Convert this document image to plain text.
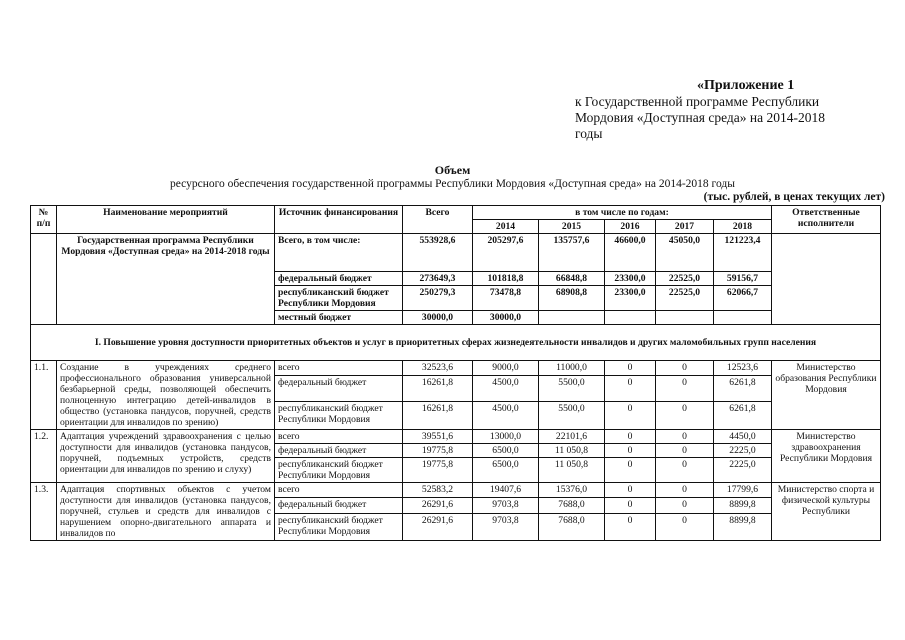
«Приложение 1
к Государственной программе Республики
Мордовия «Доступная среда» на 2014-2018
годы
Объем
ресурсного обеспечения государственной программы Республики Мордовия «Доступная среда» на 2014-2018 годы
(тыс. рублей, в ценах текущих лет)
№ п/п	Наименование мероприятий	Источник финансирования	Всего	в том числе по годам:					Ответственные исполнители
				2014	2015	2016	2017	2018	
	Государственная программа Республики Мордовия «Доступная среда» на 2014-2018 годы	Всего, в том числе:	553928,6	205297,6	135757,6	46600,0	45050,0	121223,4	
		федеральный бюджет	273649,3	101818,8	66848,8	23300,0	22525,0	59156,7	
		республиканский бюджет Республики Мордовия	250279,3	73478,8	68908,8	23300,0	22525,0	62066,7	
		местный бюджет	30000,0	30000,0					
I. Повышение уровня доступности приоритетных объектов и услуг в приоритетных сферах жизнедеятельности инвалидов и других маломобильных групп населения									
1.1.	Создание в учреждениях среднего профессионального образования универсальной безбарьерной среды, позволяющей обеспечить полноценную интеграцию детей-инвалидов в общество (установка пандусов, поручней, средств ориентации для инвалидов по зрению)	всего	32523,6	9000,0	11000,0	0	0	12523,6	Министерство образования Республики Мордовия
		федеральный бюджет	16261,8	4500,0	5500,0	0	0	6261,8	
		республиканский бюджет Республики Мордовия	16261,8	4500,0	5500,0	0	0	6261,8	
1.2.	Адаптация учреждений здравоохранения с целью доступности для инвалидов (установка пандусов, поручней, подъемных устройств, средств ориентации для инвалидов по зрению и слуху)	всего	39551,6	13000,0	22101,6	0	0	4450,0	Министерство здравоохранения Республики Мордовия
		федеральный бюджет	19775,8	6500,0	11 050,8	0	0	2225,0	
		республиканский бюджет Республики Мордовия	19775,8	6500,0	11 050,8	0	0	2225,0	
1.3.	Адаптация спортивных объектов с учетом доступности для инвалидов (установка пандусов, поручней, стульев и средств для инвалидов с нарушением опорно-двигательного аппарата и инвалидов по	всего	52583,2	19407,6	15376,0	0	0	17799,6	Министерство спорта и физической культуры Республики
		федеральный бюджет	26291,6	9703,8	7688,0	0	0	8899,8	
		республиканский бюджет Республики Мордовия	26291,6	9703,8	7688,0	0	0	8899,8	
